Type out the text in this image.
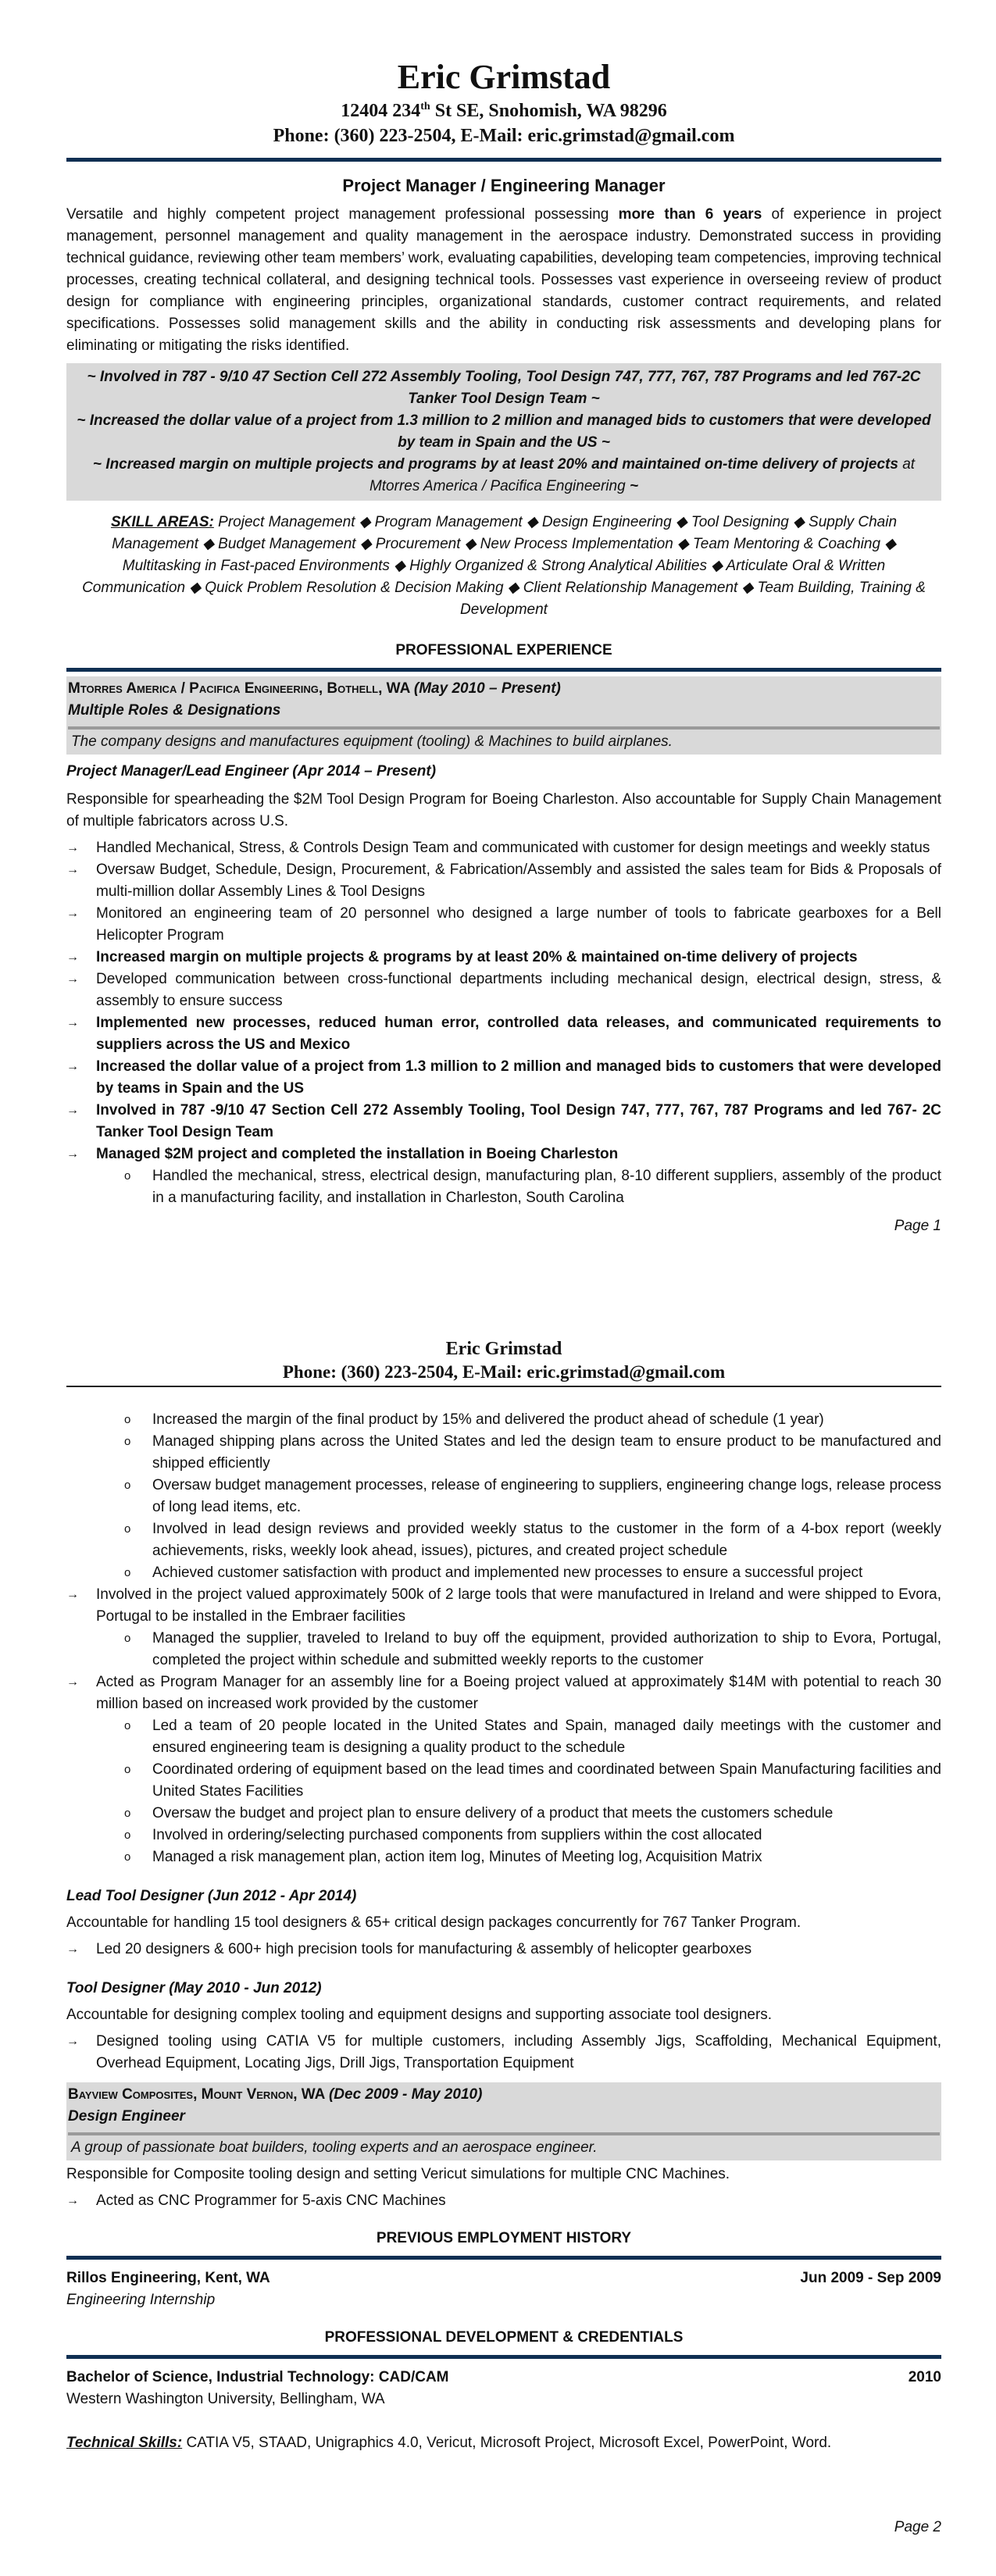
Eric Grimstad
12404 234th St SE, Snohomish, WA 98296
Phone: (360) 223-2504, E-Mail: eric.grimstad@gmail.com
Project Manager / Engineering Manager

Versatile and highly competent project management professional possessing more than 6 years of experience in project management, personnel management and quality management in the aerospace industry. Demonstrated success in providing technical guidance, reviewing other team members’ work, evaluating capabilities, developing team competencies, improving technical processes, creating technical collateral, and designing technical tools. Possesses vast experience in overseeing review of product design for compliance with engineering principles, organizational standards, customer contract requirements, and related specifications. Possesses solid management skills and the ability in conducting risk assessments and developing plans for eliminating or mitigating the risks identified.

~ Involved in 787 - 9/10 47 Section Cell 272 Assembly Tooling, Tool Design 747, 777, 767, 787 Programs and led 767-2C Tanker Tool Design Team ~
~ Increased the dollar value of a project from 1.3 million to 2 million and managed bids to customers that were developed by team in Spain and the US ~
~ Increased margin on multiple projects and programs by at least 20% and maintained on-time delivery of projects at Mtorres America / Pacifica Engineering ~

SKILL AREAS: Project Management ◆ Program Management ◆ Design Engineering ◆ Tool Designing ◆ Supply Chain Management ◆ Budget Management ◆ Procurement ◆ New Process Implementation ◆ Team Mentoring & Coaching ◆ Multitasking in Fast-paced Environments ◆ Highly Organized & Strong Analytical Abilities ◆ Articulate Oral & Written Communication ◆ Quick Problem Resolution & Decision Making ◆ Client Relationship Management ◆ Team Building, Training & Development

PROFESSIONAL EXPERIENCE
Mtorres America / Pacifica Engineering, Bothell, WA (May 2010 – Present)
Multiple Roles & Designations
The company designs and manufactures equipment (tooling) & Machines to build airplanes.
Project Manager/Lead Engineer (Apr 2014 – Present)

Responsible for spearheading the $2M Tool Design Program for Boeing Charleston. Also accountable for Supply Chain Management of multiple fabricators across U.S.

→ Handled Mechanical, Stress, & Controls Design Team and communicated with customer for design meetings and weekly status
→ Oversaw Budget, Schedule, Design, Procurement, & Fabrication/Assembly and assisted the sales team for Bids & Proposals of multi-million dollar Assembly Lines & Tool Designs
→ Monitored an engineering team of 20 personnel who designed a large number of tools to fabricate gearboxes for a Bell Helicopter Program
→ Increased margin on multiple projects & programs by at least 20% & maintained on-time delivery of projects
→ Developed communication between cross-functional departments including mechanical design, electrical design, stress, & assembly to ensure success
→ Implemented new processes, reduced human error, controlled data releases, and communicated requirements to suppliers across the US and Mexico
→ Increased the dollar value of a project from 1.3 million to 2 million and managed bids to customers that were developed by teams in Spain and the US
→ Involved in 787 -9/10 47 Section Cell 272 Assembly Tooling, Tool Design 747, 777, 767, 787 Programs and led 767- 2C Tanker Tool Design Team
→ Managed $2M project and completed the installation in Boeing Charleston
o Handled the mechanical, stress, electrical design, manufacturing plan, 8-10 different suppliers, assembly of the product in a manufacturing facility, and installation in Charleston, South Carolina
Page 1
Eric Grimstad
Phone: (360) 223-2504, E-Mail: eric.grimstad@gmail.com
o Increased the margin of the final product by 15% and delivered the product ahead of schedule (1 year)
o Managed shipping plans across the United States and led the design team to ensure product to be manufactured and shipped efficiently
o Oversaw budget management processes, release of engineering to suppliers, engineering change logs, release process of long lead items, etc.
o Involved in lead design reviews and provided weekly status to the customer in the form of a 4-box report (weekly achievements, risks, weekly look ahead, issues), pictures, and created project schedule
o Achieved customer satisfaction with product and implemented new processes to ensure a successful project
→ Involved in the project valued approximately 500k of 2 large tools that were manufactured in Ireland and were shipped to Evora, Portugal to be installed in the Embraer facilities
o Managed the supplier, traveled to Ireland to buy off the equipment, provided authorization to ship to Evora, Portugal, completed the project within schedule and submitted weekly reports to the customer
→ Acted as Program Manager for an assembly line for a Boeing project valued at approximately $14M with potential to reach 30 million based on increased work provided by the customer
o Led a team of 20 people located in the United States and Spain, managed daily meetings with the customer and ensured engineering team is designing a quality product to the schedule
o Coordinated ordering of equipment based on the lead times and coordinated between Spain Manufacturing facilities and United States Facilities
o Oversaw the budget and project plan to ensure delivery of a product that meets the customers schedule
o Involved in ordering/selecting purchased components from suppliers within the cost allocated
o Managed a risk management plan, action item log, Minutes of Meeting log, Acquisition Matrix
Lead Tool Designer (Jun 2012 - Apr 2014)

Accountable for handling 15 tool designers & 65+ critical design packages concurrently for 767 Tanker Program.

→ Led 20 designers & 600+ high precision tools for manufacturing & assembly of helicopter gearboxes
Tool Designer (May 2010 - Jun 2012)

Accountable for designing complex tooling and equipment designs and supporting associate tool designers.

→ Designed tooling using CATIA V5 for multiple customers, including Assembly Jigs, Scaffolding, Mechanical Equipment, Overhead Equipment, Locating Jigs, Drill Jigs, Transportation Equipment
Bayview Composites, Mount Vernon, WA (Dec 2009 - May 2010)
Design Engineer
A group of passionate boat builders, tooling experts and an aerospace engineer.

Responsible for Composite tooling design and setting Vericut simulations for multiple CNC Machines.

→ Acted as CNC Programmer for 5-axis CNC Machines
PREVIOUS EMPLOYMENT HISTORY
Rillos Engineering, Kent, WA	Jun 2009 - Sep 2009
Engineering Internship
PROFESSIONAL DEVELOPMENT & CREDENTIALS
Bachelor of Science, Industrial Technology: CAD/CAM	2010
Western Washington University, Bellingham, WA

Technical Skills: CATIA V5, STAAD, Unigraphics 4.0, Vericut, Microsoft Project, Microsoft Excel, PowerPoint, Word.

Page 2
